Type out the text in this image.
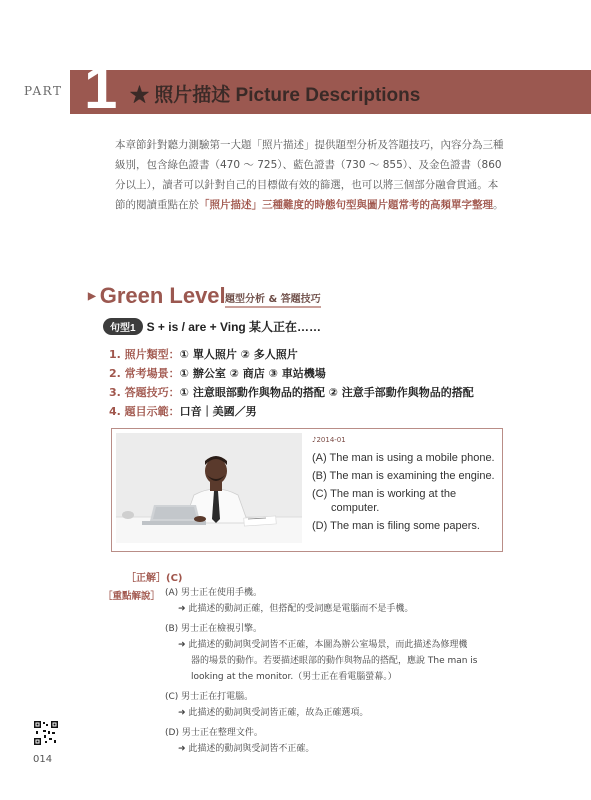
PART 1 ★ 照片描述 Picture Descriptions
本章節針對聽力測驗第一大題「照片描述」提供題型分析及答題技巧，內容分為三種
級別，包含綠色證書（470 ～ 725）、藍色證書（730 ～ 855）、及金色證書（860
分以上），讀者可以針對自己的目標做有效的篩選，也可以將三個部分融會貫通。本
節的閱讀重點在於「照片描述」三種難度的時態句型與圖片題常考的高頻單字整理。
▶ Green Level 題型分析 & 答題技巧
句型1 S + is / are + Ving 某人正在……
1. 照片類型：① 單人照片 ② 多人照片
2. 常考場景：① 辦公室 ② 商店 ③ 車站機場
3. 答題技巧：① 注意眼部動作與物品的搭配 ② 注意手部動作與物品的搭配
4. 題目示範：口音｜美國／男
♪2014-01
(A) The man is using a mobile phone.
(B) The man is examining the engine.
(C) The man is working at the
computer.
(D) The man is filing some papers.
［正解］(C)
［重點解說］ (A) 男士正在使用手機。
➜ 此描述的動詞正確，但搭配的受詞應是電腦而不是手機。
(B) 男士正在檢視引擎。
➜ 此描述的動詞與受詞皆不正確，本圖為辦公室場景，而此描述為修理機
器的場景的動作。若要描述眼部的動作與物品的搭配，應說 The man is
looking at the monitor.（男士正在看電腦螢幕。）
(C) 男士正在打電腦。
➜ 此描述的動詞與受詞皆正確，故為正確選項。
(D) 男士正在整理文件。
➜ 此描述的動詞與受詞皆不正確。
014
